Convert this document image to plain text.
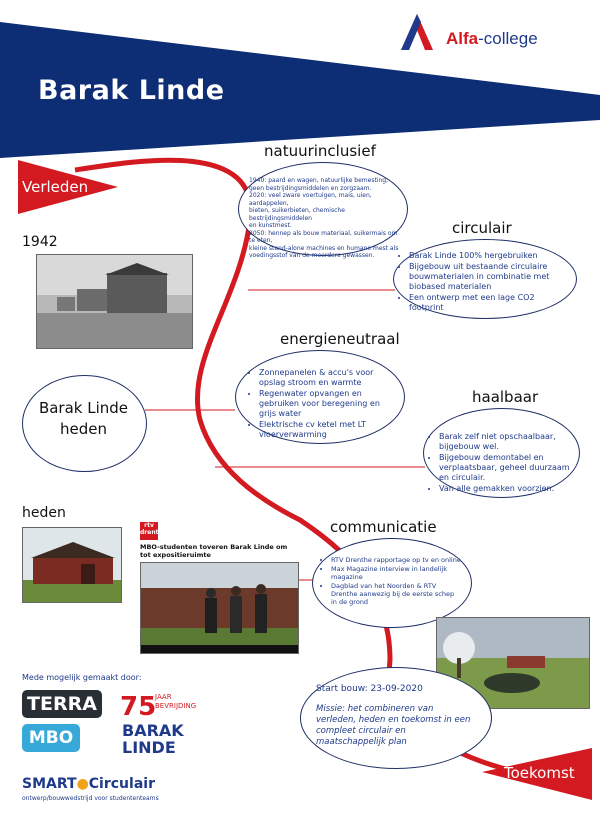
Barak Linde
Alfa-college
Verleden
Toekomst
1942
natuurinclusief
1940: paard en wagen, natuurlijke bemesting,
geen bestrijdingsmiddelen en zorgzaam.
2020: veel zware voertuigen, mais, uien, aardappelen,
bieten, suikerbieten, chemische bestrijdingsmiddelen
en kunstmest.
2050: hennep als bouw materiaal, suikermais om te eten,
kleine stand-alone machines en humane mest als
voedingsstof van de meerdere gewassen.
circulair
• Barak Linde 100% hergebruiken
• Bijgebouw uit bestaande circulaire bouwmaterialen in combinatie met biobased materialen
• Een ontwerp met een lage CO2 footprint
energieneutraal
• Zonnepanelen & accu's voor opslag stroom en warmte
• Regenwater opvangen en gebruiken voor beregening en grijs water
• Elektrische cv ketel met LT vloerverwarming
Barak Linde
heden
haalbaar
• Barak zelf niet opschaalbaar, bijgebouw wel.
• Bijgebouw demontabel en verplaatsbaar, geheel duurzaam en circulair.
• Van alle gemakken voorzien.
heden
rtv drenthe
MBO-studenten toveren Barak Linde om tot expositieruimte
communicatie
• RTV Drenthe rapportage op tv en online
• Max Magazine interview in landelijk magazine
• Dagblad van het Noorden & RTV Drenthe aanwezig bij de eerste schep in de grond
Start bouw: 23-09-2020
Missie: het combineren van verleden, heden en toekomst in een compleet circulair en maatschappelijk plan
Mede mogelijk gemaakt door:
TERRA
MBO
75
JAAR
BEVRIJDING
BARAK
LINDE
SMART●Circulair
ontwerp/bouwwedstrijd voor studententeams
